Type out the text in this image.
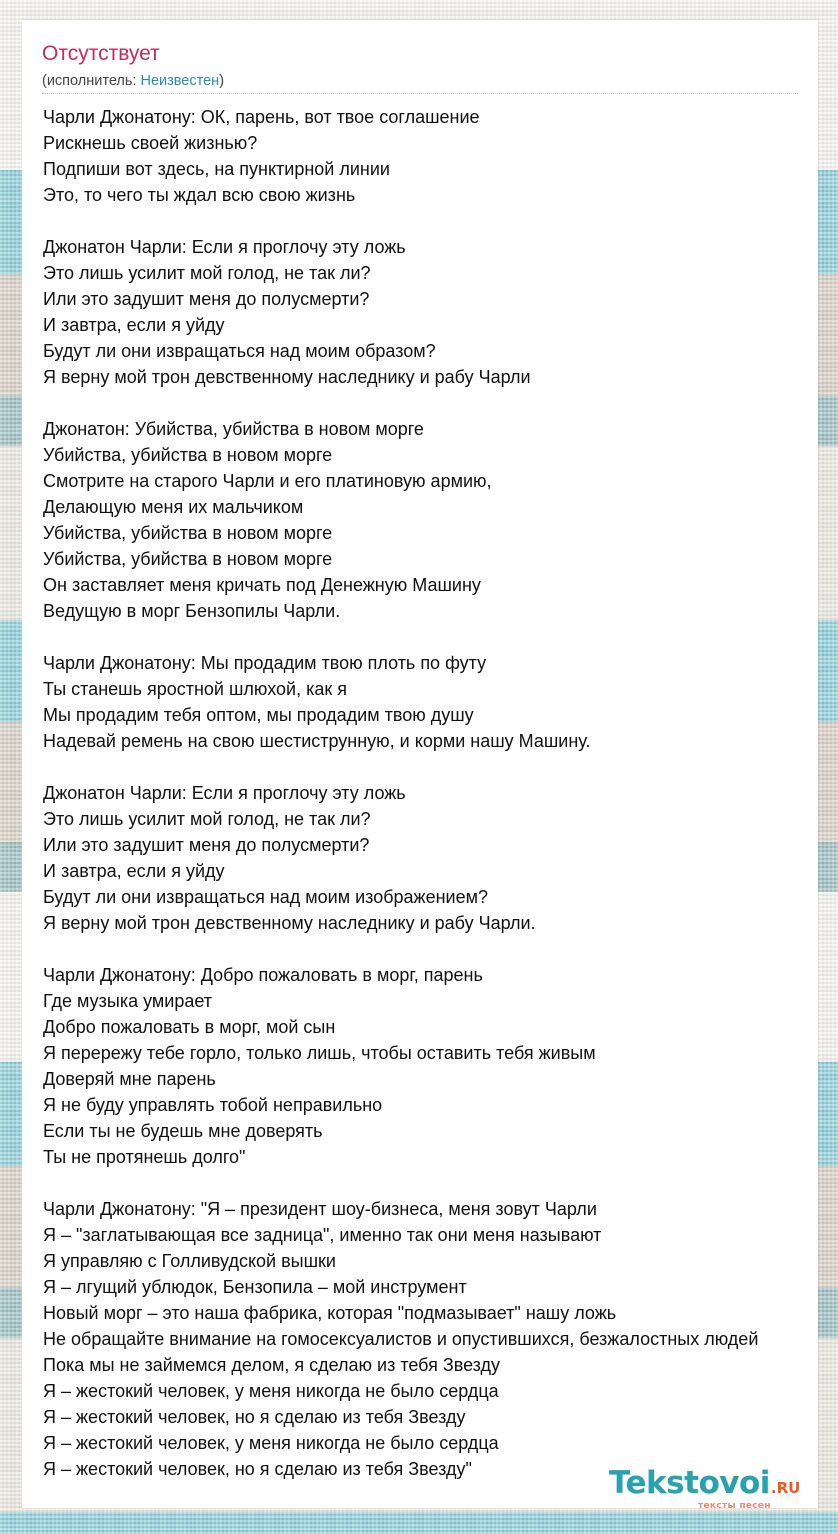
Отсутствует
(исполнитель: Неизвестен)
Чарли Джонатону: ОК, парень, вот твое соглашение
Рискнешь своей жизнью?
Подпиши вот здесь, на пунктирной линии
Это, то чего ты ждал всю свою жизнь
Джонатон Чарли: Если я проглочу эту ложь
Это лишь усилит мой голод, не так ли?
Или это задушит меня до полусмерти?
И завтра, если я уйду
Будут ли они извращаться над моим образом?
Я верну мой трон девственному наследнику и рабу Чарли
Джонатон: Убийства, убийства в новом морге
Убийства, убийства в новом морге
Смотрите на старого Чарли и его платиновую армию,
Делающую меня их мальчиком
Убийства, убийства в новом морге
Убийства, убийства в новом морге
Он заставляет меня кричать под Денежную Машину
Ведущую в морг Бензопилы Чарли.
Чарли Джонатону: Мы продадим твою плоть по футу
Ты станешь яростной шлюхой, как я
Мы продадим тебя оптом, мы продадим твою душу
Надевай ремень на свою шестиструнную, и корми нашу Машину.
Джонатон Чарли: Если я проглочу эту ложь
Это лишь усилит мой голод, не так ли?
Или это задушит меня до полусмерти?
И завтра, если я уйду
Будут ли они извращаться над моим изображением?
Я верну мой трон девственному наследнику и рабу Чарли.
Чарли Джонатону: Добро пожаловать в морг, парень
Где музыка умирает
Добро пожаловать в морг, мой сын
Я перережу тебе горло, только лишь, чтобы оставить тебя живым
Доверяй мне парень
Я не буду управлять тобой неправильно
Если ты не будешь мне доверять
Ты не протянешь долго"
Чарли Джонатону: "Я – президент шоу-бизнеса, меня зовут Чарли
Я – "заглатывающая все задница", именно так они меня называют
Я управляю с Голливудской вышки
Я – лгущий ублюдок, Бензопила – мой инструмент
Новый морг – это наша фабрика, которая "подмазывает" нашу ложь
Не обращайте внимание на гомосексуалистов и опустившихся, безжалостных людей
Пока мы не займемся делом, я сделаю из тебя Звезду
Я – жестокий человек, у меня никогда не было сердца
Я – жестокий человек, но я сделаю из тебя Звезду
Я – жестокий человек, у меня никогда не было сердца
Я – жестокий человек, но я сделаю из тебя Звезду"	Tekstovoi.RU
тексты песен
